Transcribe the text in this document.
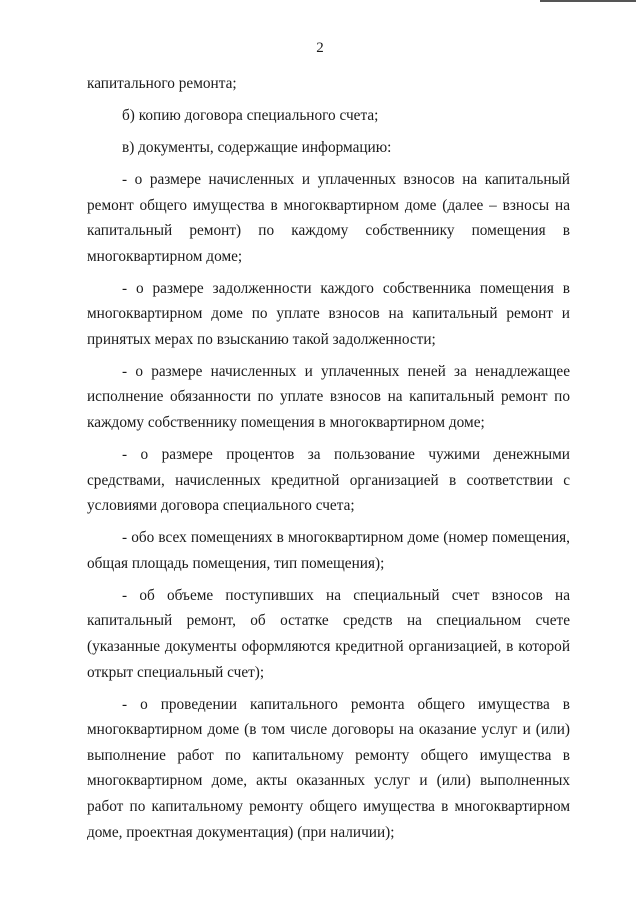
2

капитального ремонта;

б) копию договора специального счета;

в) документы, содержащие информацию:

- о размере начисленных и уплаченных взносов на капитальный ремонт общего имущества в многоквартирном доме (далее – взносы на капитальный ремонт) по каждому собственнику помещения в многоквартирном доме;

- о размере задолженности каждого собственника помещения в многоквартирном доме по уплате взносов на капитальный ремонт и принятых мерах по взысканию такой задолженности;

- о размере начисленных и уплаченных пеней за ненадлежащее исполнение обязанности по уплате взносов на капитальный ремонт по каждому собственнику помещения в многоквартирном доме;

- о размере процентов за пользование чужими денежными средствами, начисленных кредитной организацией в соответствии с условиями договора специального счета;

- обо всех помещениях в многоквартирном доме (номер помещения, общая площадь помещения, тип помещения);

- об объеме поступивших на специальный счет взносов на капитальный ремонт, об остатке средств на специальном счете (указанные документы оформляются кредитной организацией, в которой открыт специальный счет);

- о проведении капитального ремонта общего имущества в многоквартирном доме (в том числе договоры на оказание услуг и (или) выполнение работ по капитальному ремонту общего имущества в многоквартирном доме, акты оказанных услуг и (или) выполненных работ по капитальному ремонту общего имущества в многоквартирном доме, проектная документация) (при наличии);
